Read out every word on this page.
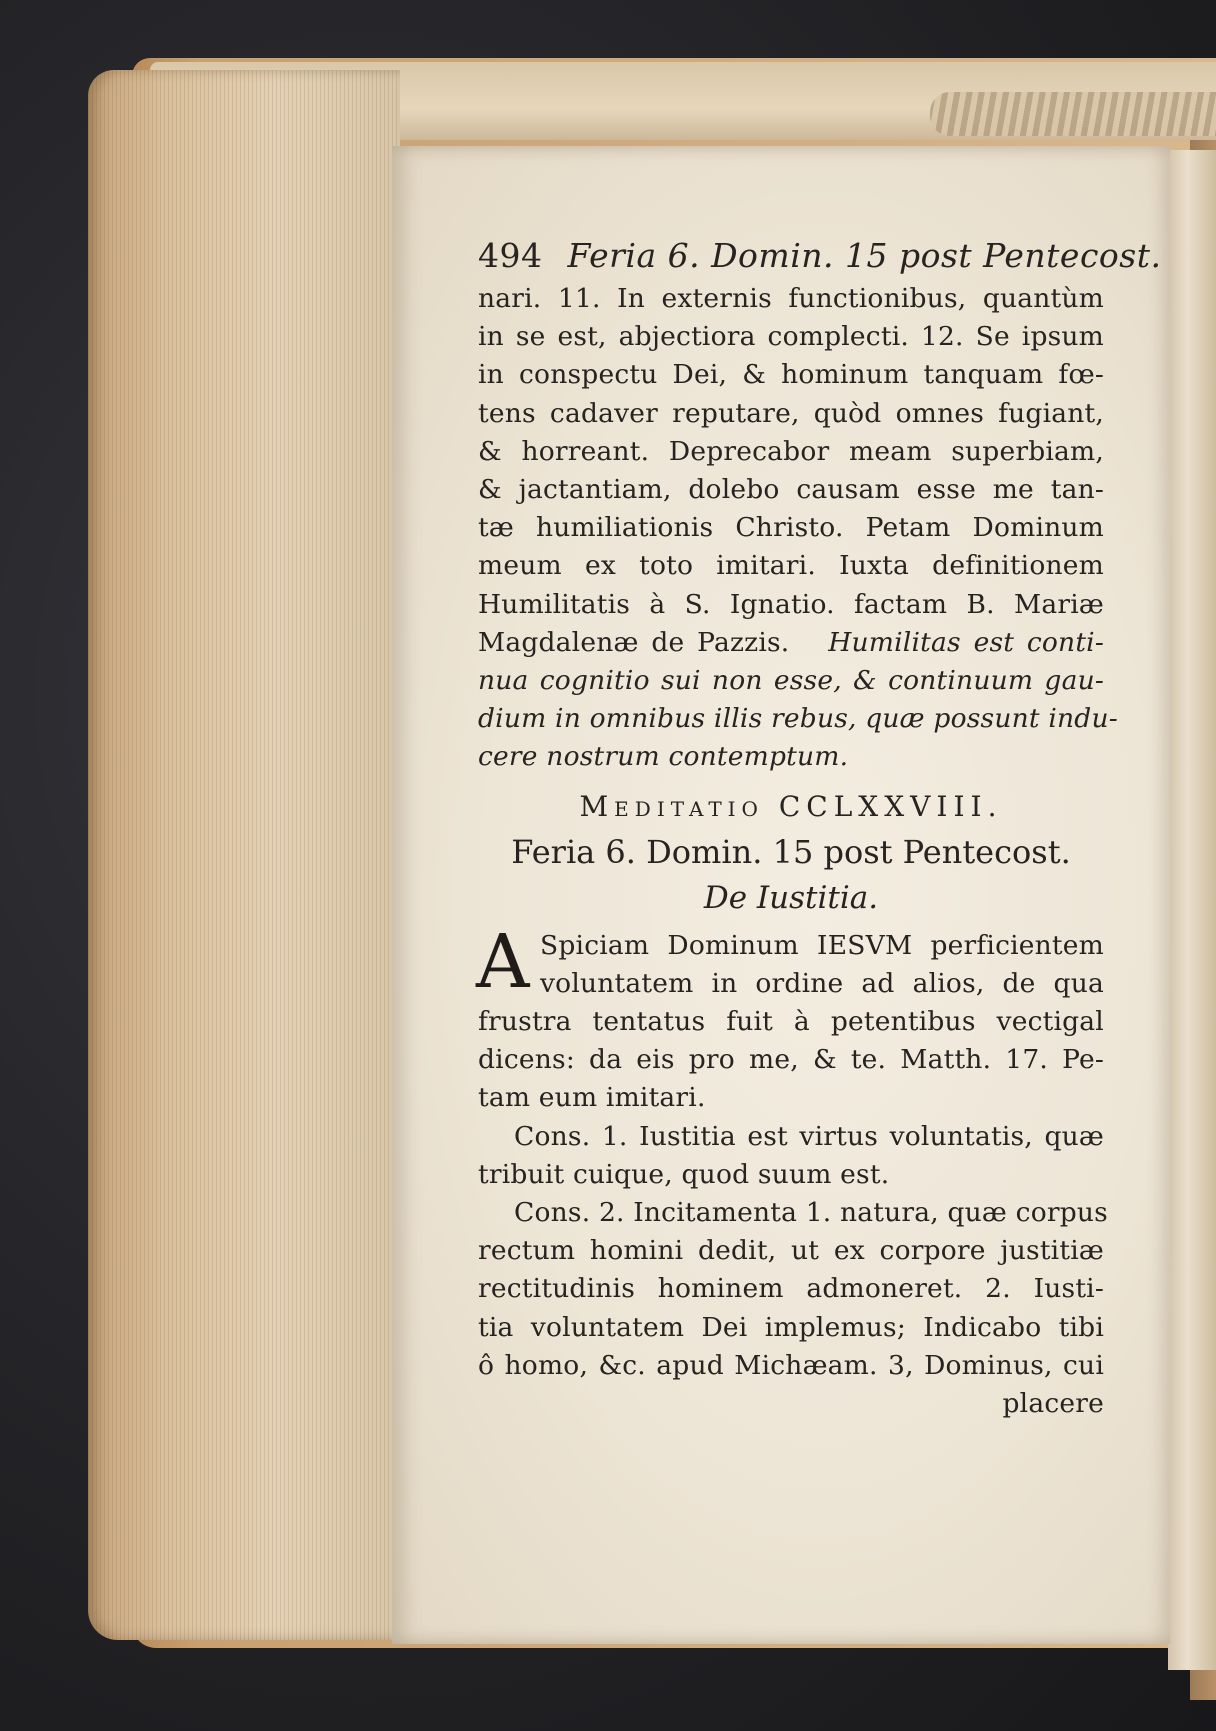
494 Feria 6. Domin. 15 post Pentecost.
nari. 11. In externis functionibus, quantùm
in se est, abjectiora complecti. 12. Se ipsum
in conspectu Dei, & hominum tanquam fœ-
tens cadaver reputare, quòd omnes fugiant,
& horreant. Deprecabor meam superbiam,
& jactantiam, dolebo causam esse me tan-
tæ humiliationis Christo. Petam Dominum
meum ex toto imitari. Iuxta definitionem
Humilitatis à S. Ignatio. factam B. Mariæ
Magdalenæ de Pazzis. Humilitas est conti-
nua cognitio sui non esse, & continuum gau-
dium in omnibus illis rebus, quæ possunt indu-
cere nostrum contemptum.
Meditatio CCLXXVIII.
Feria 6. Domin. 15 post Pentecost.
De Iustitia.
A Spiciam Dominum IESVM perficientem
voluntatem in ordine ad alios, de qua
frustra tentatus fuit à petentibus vectigal
dicens: da eis pro me, & te. Matth. 17. Pe-
tam eum imitari.
Cons. 1. Iustitia est virtus voluntatis, quæ
tribuit cuique, quod suum est.
Cons. 2. Incitamenta 1. natura, quæ corpus
rectum homini dedit, ut ex corpore justitiæ
rectitudinis hominem admoneret. 2. Iusti-
tia voluntatem Dei implemus; Indicabo tibi
ô homo, &c. apud Michæam. 3, Dominus, cui
placere
